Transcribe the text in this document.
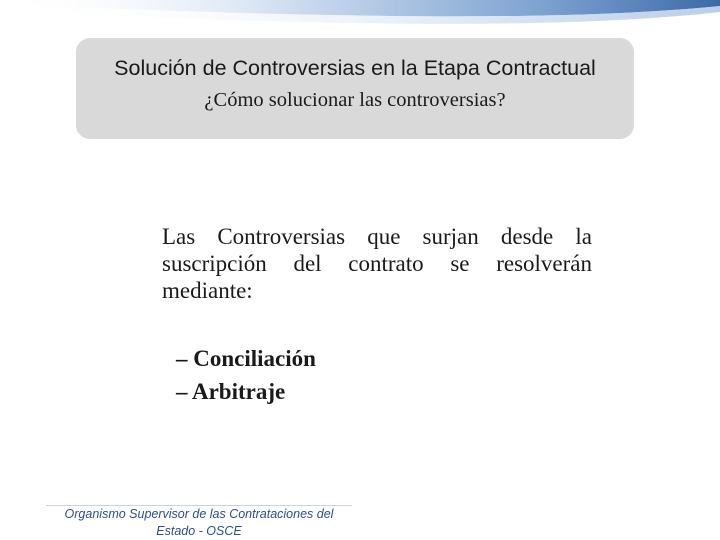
Solución de Controversias en la Etapa Contractual
¿Cómo solucionar las controversias?
Las Controversias que surjan desde la suscripción del contrato se resolverán mediante:
– Conciliación
– Arbitraje
Organismo Supervisor de las Contrataciones del
Estado - OSCE
